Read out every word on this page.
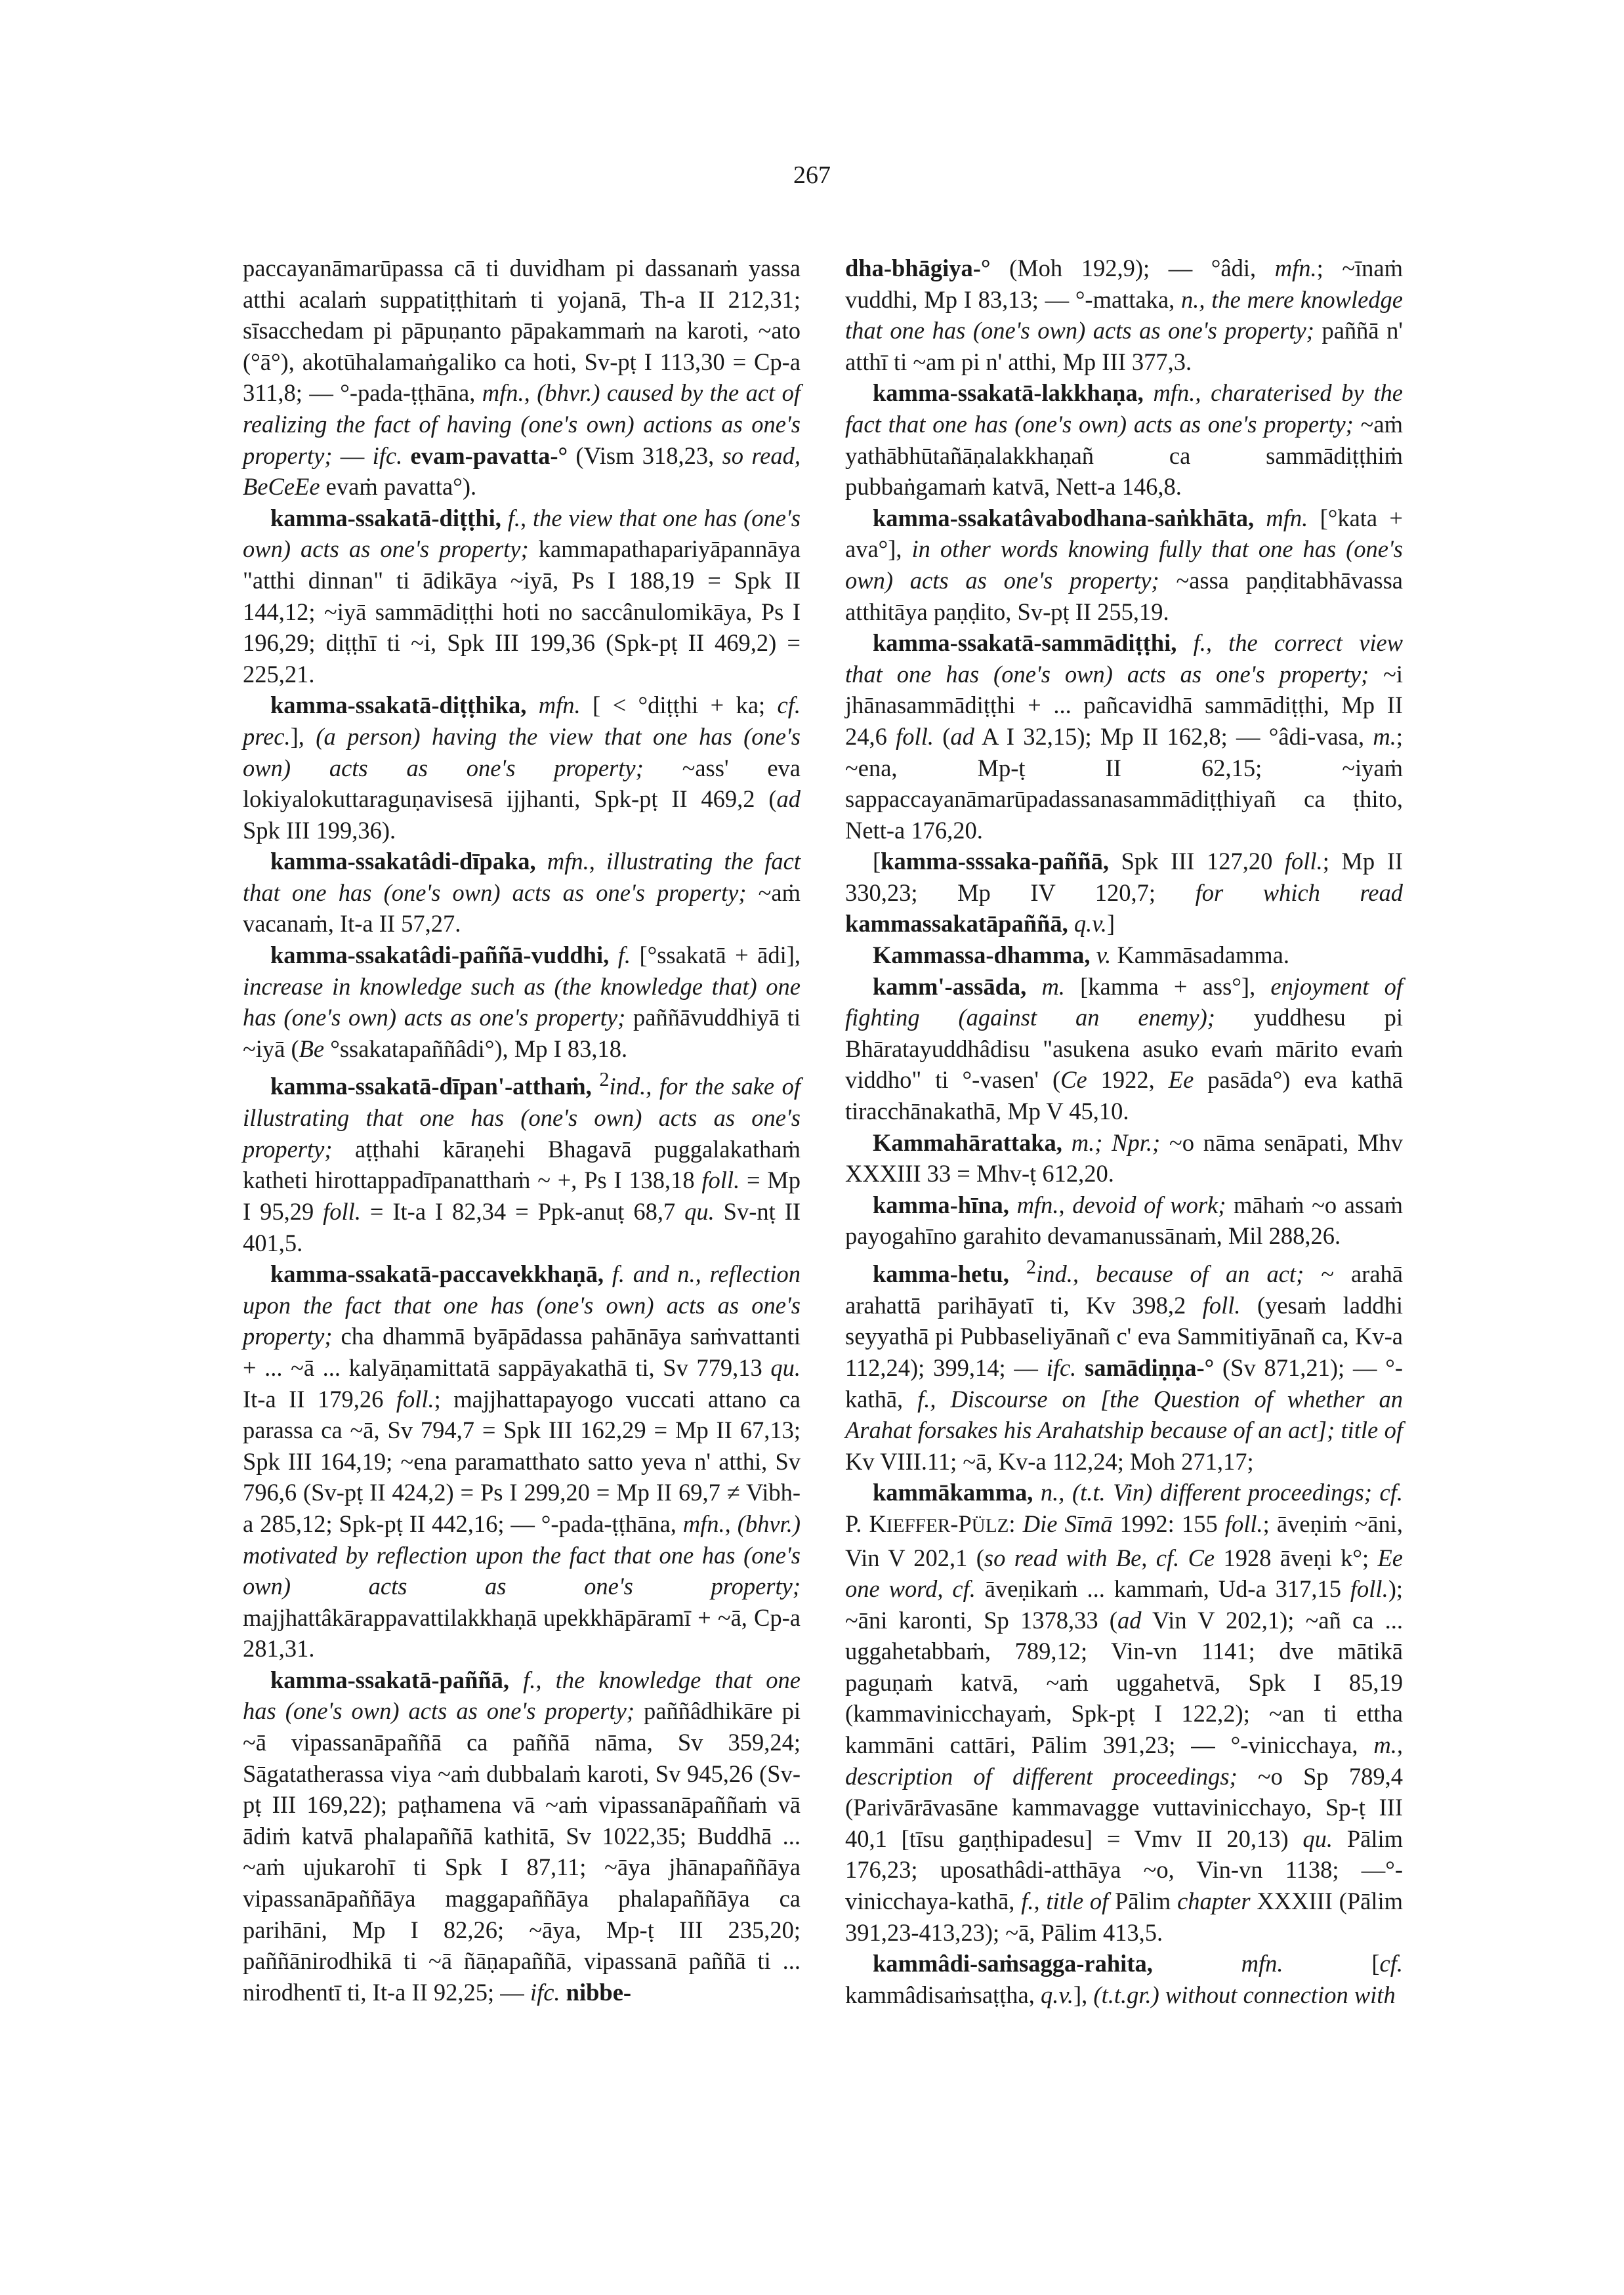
267

paccayanāmarūpassa cā ti duvidham pi dassanaṁ yassa atthi acalaṁ suppatiṭṭhitaṁ ti yojanā, Th-a II 212,31; sīsacchedam pi pāpuṇanto pāpakammaṁ na karoti, ~ato (°ā°), akotūhalamaṅgaliko ca hoti, Sv-pṭ I 113,30 = Cp-a 311,8; — °-pada-ṭṭhāna, mfn., (bhvr.) caused by the act of realizing the fact of having (one's own) actions as one's property; — ifc. evam-pavatta-° (Vism 318,23, so read, BeCeEe evaṁ pavatta°).

kamma-ssakatā-diṭṭhi, f., the view that one has (one's own) acts as one's property; kammapathapariyāpannāya "atthi dinnan" ti ādikāya ~iyā, Ps I 188,19 = Spk II 144,12; ~iyā sammādiṭṭhi hoti no saccânulomikāya, Ps I 196,29; diṭṭhī ti ~i, Spk III 199,36 (Spk-pṭ II 469,2) = 225,21.

kamma-ssakatā-diṭṭhika, mfn. [ < °diṭṭhi + ka; cf. prec.], (a person) having the view that one has (one's own) acts as one's property; ~ass' eva lokiyalokuttaraguṇavisesā ijjhanti, Spk-pṭ II 469,2 (ad Spk III 199,36).

kamma-ssakatâdi-dīpaka, mfn., illustrating the fact that one has (one's own) acts as one's property; ~aṁ vacanaṁ, It-a II 57,27.

kamma-ssakatâdi-paññā-vuddhi, f. [°ssakatā + ādi], increase in knowledge such as (the knowledge that) one has (one's own) acts as one's property; paññāvuddhiyā ti ~iyā (Be °ssakatapaññâdi°), Mp I 83,18.

kamma-ssakatā-dīpan'-atthaṁ, $^2$ind., for the sake of illustrating that one has (one's own) acts as one's property; aṭṭhahi kāraṇehi Bhagavā puggalakathaṁ katheti hirottappadīpanatthaṁ ~ +, Ps I 138,18 foll. = Mp I 95,29 foll. = It-a I 82,34 = Ppk-anuṭ 68,7 qu. Sv-nṭ II 401,5.

kamma-ssakatā-paccavekkhaṇā, f. and n., reflection upon the fact that one has (one's own) acts as one's property; cha dhammā byāpādassa pahānāya saṁvattanti + ... ~ā ... kalyāṇamittatā sappāyakathā ti, Sv 779,13 qu. It-a II 179,26 foll.; majjhattapayogo vuccati attano ca parassa ca ~ā, Sv 794,7 = Spk III 162,29 = Mp II 67,13; Spk III 164,19; ~ena paramatthato satto yeva n' atthi, Sv 796,6 (Sv-pṭ II 424,2) = Ps I 299,20 = Mp II 69,7 ≠ Vibh-a 285,12; Spk-pṭ II 442,16; — °-pada-ṭṭhāna, mfn., (bhvr.) motivated by reflection upon the fact that one has (one's own) acts as one's property; majjhattâkārappavattilakkhaṇā upekkhāpāramī + ~ā, Cp-a 281,31.

kamma-ssakatā-paññā, f., the knowledge that one has (one's own) acts as one's property; paññâdhikāre pi ~ā vipassanāpaññā ca paññā nāma, Sv 359,24; Sāgatatherassa viya ~aṁ dubbalaṁ karoti, Sv 945,26 (Sv-pṭ III 169,22); paṭhamena vā ~aṁ vipassanāpaññaṁ vā ādiṁ katvā phalapaññā kathitā, Sv 1022,35; Buddhā ... ~aṁ ujukarohī ti Spk I 87,11; ~āya jhānapaññāya vipassanāpaññāya maggapaññāya phalapaññāya ca parihāni, Mp I 82,26; ~āya, Mp-ṭ III 235,20; paññānirodhikā ti ~ā ñāṇapaññā, vipassanā paññā ti ... nirodhentī ti, It-a II 92,25; — ifc. nibbe-

dha-bhāgiya-° (Moh 192,9); — °âdi, mfn.; ~īnaṁ vuddhi, Mp I 83,13; — °-mattaka, n., the mere knowledge that one has (one's own) acts as one's property; paññā n' atthī ti ~am pi n' atthi, Mp III 377,3.

kamma-ssakatā-lakkhaṇa, mfn., charaterised by the fact that one has (one's own) acts as one's property; ~aṁ yathābhūtañāṇalakkhaṇañ ca sammādiṭṭhiṁ pubbaṅgamaṁ katvā, Nett-a 146,8.

kamma-ssakatâvabodhana-saṅkhāta, mfn. [°kata + ava°], in other words knowing fully that one has (one's own) acts as one's property; ~assa paṇḍitabhāvassa atthitāya paṇḍito, Sv-pṭ II 255,19.

kamma-ssakatā-sammādiṭṭhi, f., the correct view that one has (one's own) acts as one's property; ~i jhānasammādiṭṭhi + ... pañcavidhā sammādiṭṭhi, Mp II 24,6 foll. (ad A I 32,15); Mp II 162,8; — °âdi-vasa, m.; ~ena, Mp-ṭ II 62,15; ~iyaṁ sappaccayanāmarūpadassanasammādiṭṭhiyañ ca ṭhito, Nett-a 176,20.

[kamma-sssaka-paññā, Spk III 127,20 foll.; Mp II 330,23; Mp IV 120,7; for which read kammassakatāpaññā, q.v.]

Kammassa-dhamma, v. Kammāsadamma.

kamm'-assāda, m. [kamma + ass°], enjoyment of fighting (against an enemy); yuddhesu pi Bhāratayuddhâdisu "asukena asuko evaṁ mārito evaṁ viddho" ti °-vasen' (Ce 1922, Ee pasāda°) eva kathā tiracchānakathā, Mp V 45,10.

Kammahārattaka, m.; Npr.; ~o nāma senāpati, Mhv XXXIII 33 = Mhv-ṭ 612,20.

kamma-hīna, mfn., devoid of work; māhaṁ ~o assaṁ payogahīno garahito devamanussānaṁ, Mil 288,26.

kamma-hetu, $^2$ind., because of an act; ~ arahā arahattā parihāyatī ti, Kv 398,2 foll. (yesaṁ laddhi seyyathā pi Pubbaseliyānañ c' eva Sammitiyānañ ca, Kv-a 112,24); 399,14; — ifc. samādiṇṇa-° (Sv 871,21); — °-kathā, f., Discourse on [the Question of whether an Arahat forsakes his Arahatship because of an act]; title of Kv VIII.11; ~ā, Kv-a 112,24; Moh 271,17;

kammākamma, n., (t.t. Vin) different proceedings; cf. P. KIEFFER-PÜLZ: Die Sīmā 1992: 155 foll.; āveṇiṁ ~āni, Vin V 202,1 (so read with Be, cf. Ce 1928 āveṇi k°; Ee one word, cf. āveṇikaṁ ... kammaṁ, Ud-a 317,15 foll.); ~āni karonti, Sp 1378,33 (ad Vin V 202,1); ~añ ca ... uggahetabbaṁ, 789,12; Vin-vn 1141; dve mātikā paguṇaṁ katvā, ~aṁ uggahetvā, Spk I 85,19 (kammavinicchayaṁ, Spk-pṭ I 122,2); ~an ti ettha kammāni cattāri, Pālim 391,23; — °-vinicchaya, m., description of different proceedings; ~o Sp 789,4 (Parivārāvasāne kammavagge vuttavinicchayo, Sp-ṭ III 40,1 [tīsu gaṇṭhipadesu] = Vmv II 20,13) qu. Pālim 176,23; uposathâdi-atthāya ~o, Vin-vn 1138; —°-vinicchaya-kathā, f., title of Pālim chapter XXXIII (Pālim 391,23-413,23); ~ā, Pālim 413,5.

kammâdi-saṁsagga-rahita,	mfn. [cf. kammâdisaṁsaṭṭha, q.v.], (t.t.gr.) without connection with
